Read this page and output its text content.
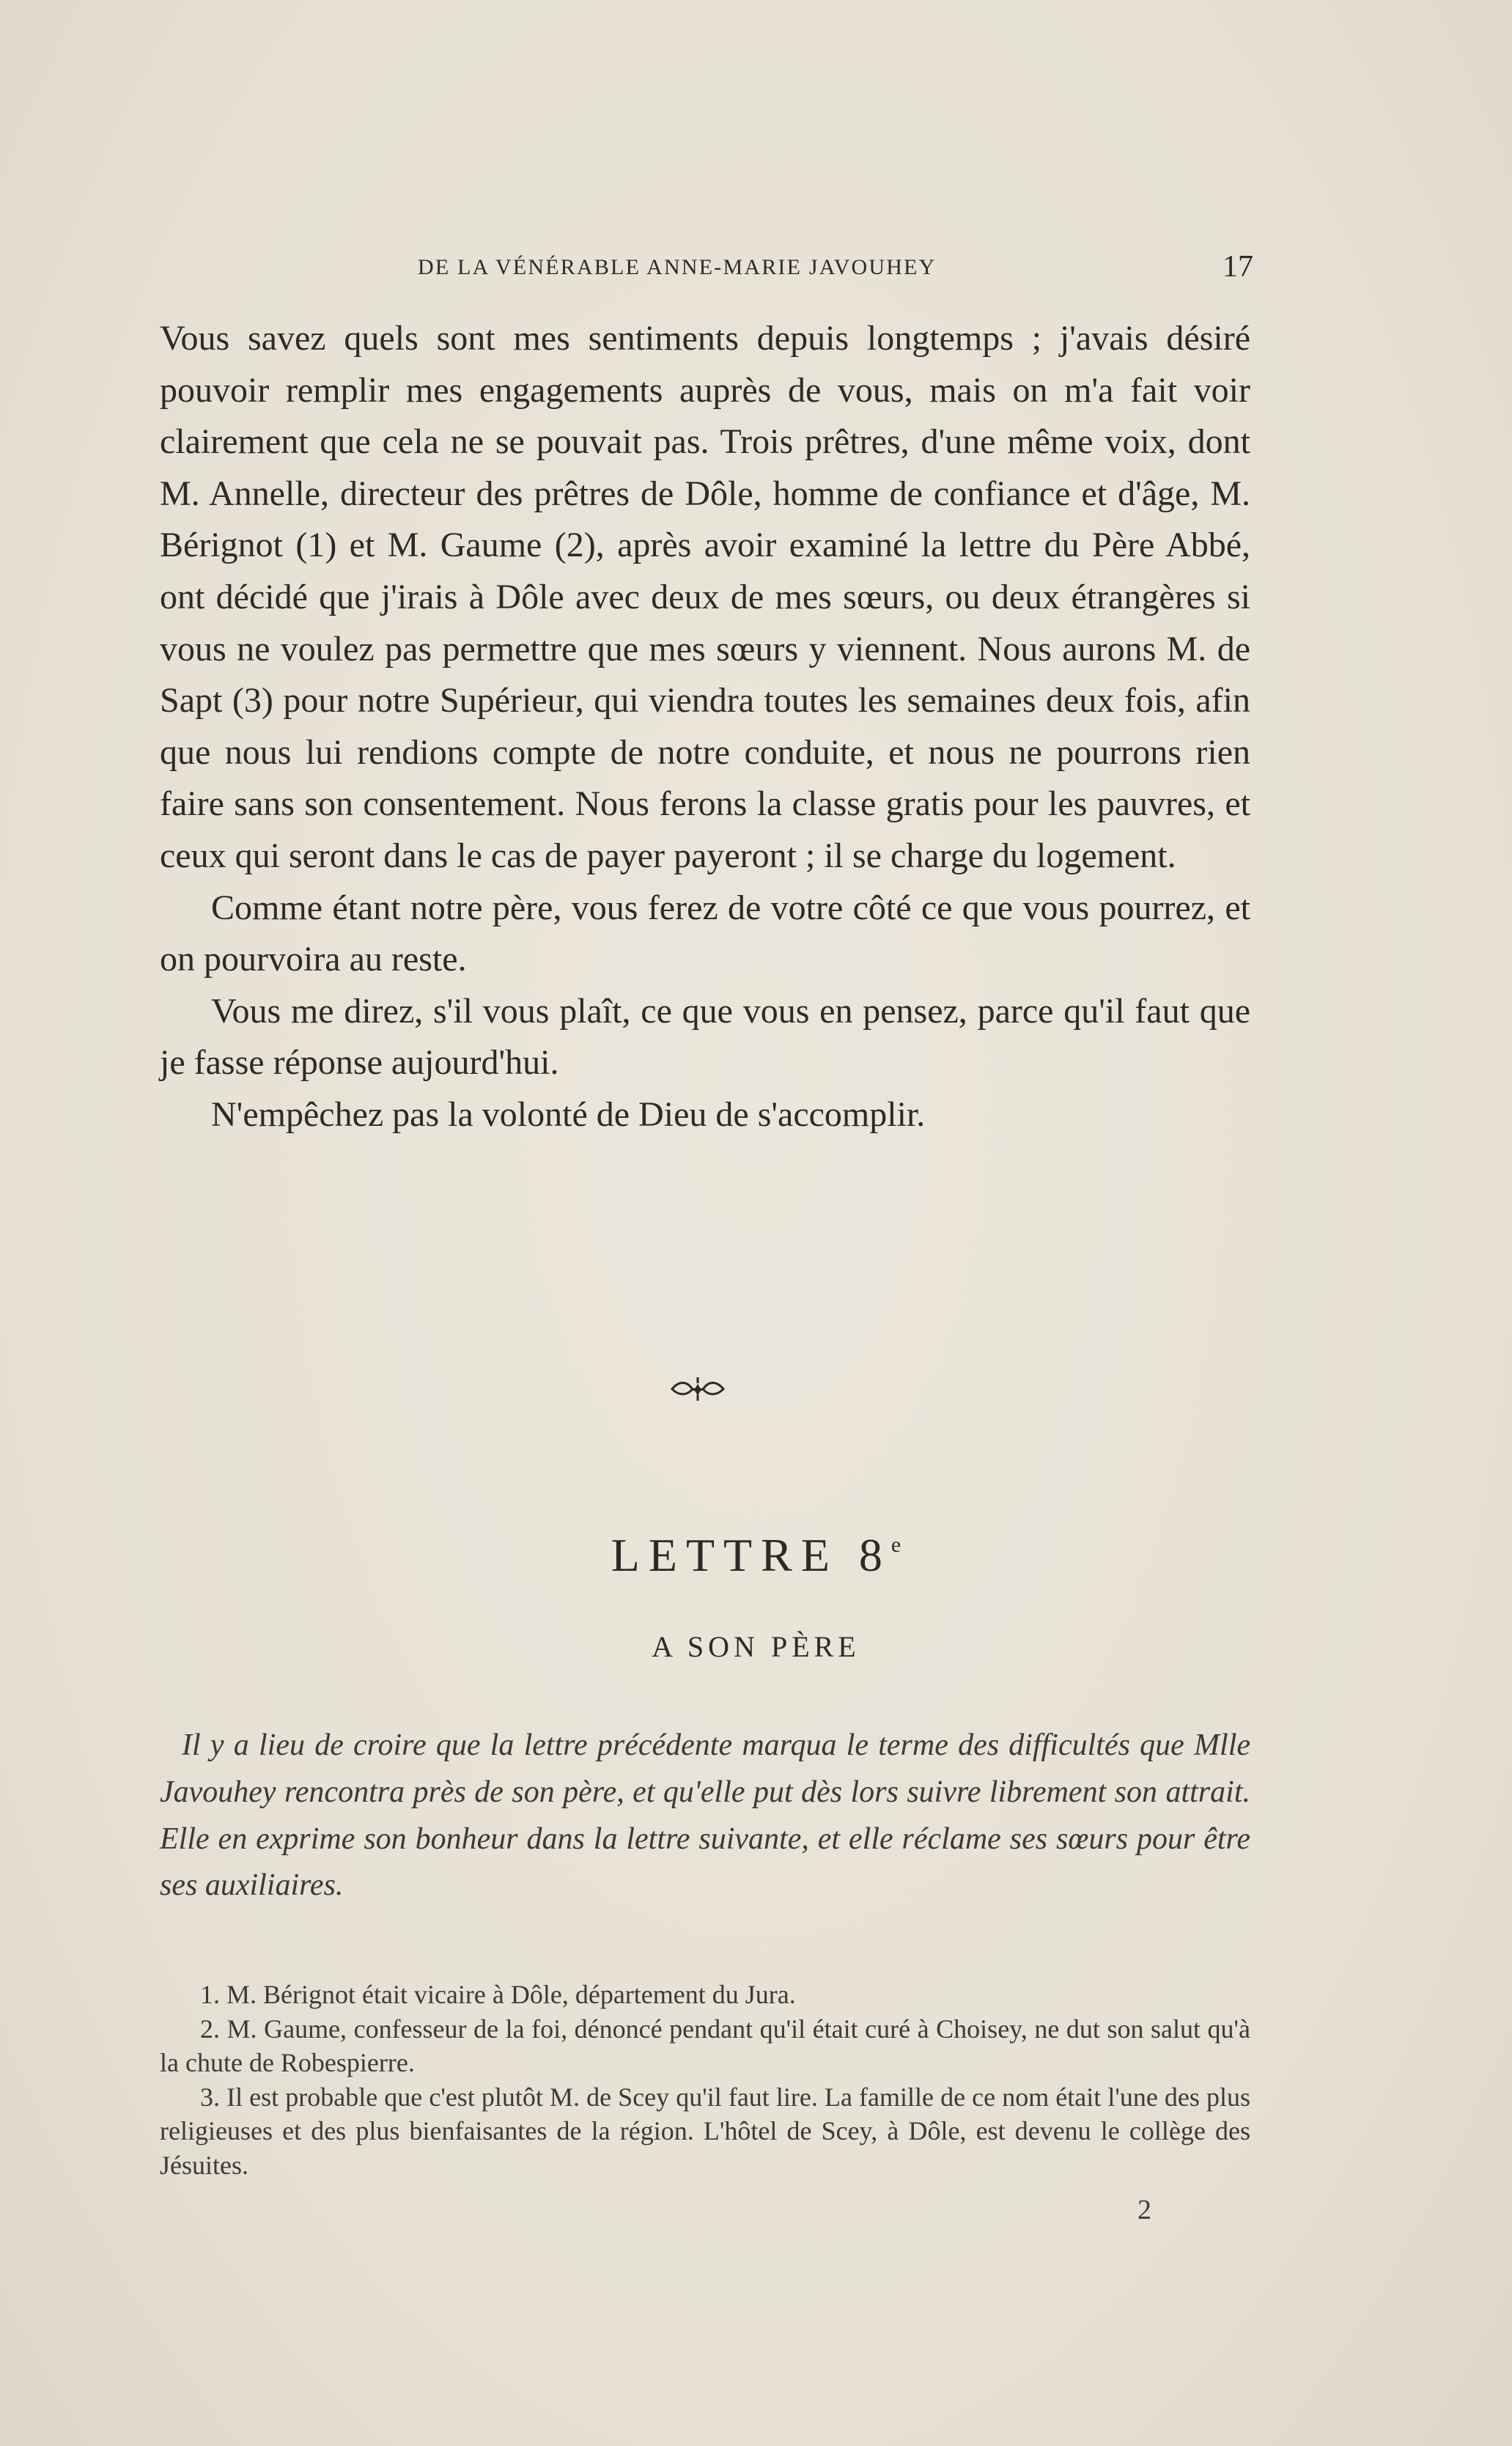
DE LA VÉNÉRABLE ANNE-MARIE JAVOUHEY	17

Vous savez quels sont mes sentiments depuis longtemps ; j'avais désiré pouvoir remplir mes engagements auprès de vous, mais on m'a fait voir clairement que cela ne se pouvait pas. Trois prêtres, d'une même voix, dont M. Annelle, directeur des prêtres de Dôle, homme de confiance et d'âge, M. Bérignot (1) et M. Gaume (2), après avoir examiné la lettre du Père Abbé, ont décidé que j'irais à Dôle avec deux de mes sœurs, ou deux étrangères si vous ne voulez pas permettre que mes sœurs y viennent. Nous aurons M. de Sapt (3) pour notre Supérieur, qui viendra toutes les semaines deux fois, afin que nous lui rendions compte de notre conduite, et nous ne pourrons rien faire sans son consentement. Nous ferons la classe gratis pour les pauvres, et ceux qui seront dans le cas de payer payeront ; il se charge du logement.

Comme étant notre père, vous ferez de votre côté ce que vous pourrez, et on pourvoira au reste.

Vous me direz, s'il vous plaît, ce que vous en pensez, parce qu'il faut que je fasse réponse aujourd'hui.

N'empêchez pas la volonté de Dieu de s'accomplir.

LETTRE 8e
A SON PÈRE

Il y a lieu de croire que la lettre précédente marqua le terme des difficultés que Mlle Javouhey rencontra près de son père, et qu'elle put dès lors suivre librement son attrait. Elle en exprime son bonheur dans la lettre suivante, et elle réclame ses sœurs pour être ses auxiliaires.

1. M. Bérignot était vicaire à Dôle, département du Jura.

2. M. Gaume, confesseur de la foi, dénoncé pendant qu'il était curé à Choisey, ne dut son salut qu'à la chute de Robespierre.

3. Il est probable que c'est plutôt M. de Scey qu'il faut lire. La famille de ce nom était l'une des plus religieuses et des plus bienfaisantes de la région. L'hôtel de Scey, à Dôle, est devenu le collège des Jésuites.

2
